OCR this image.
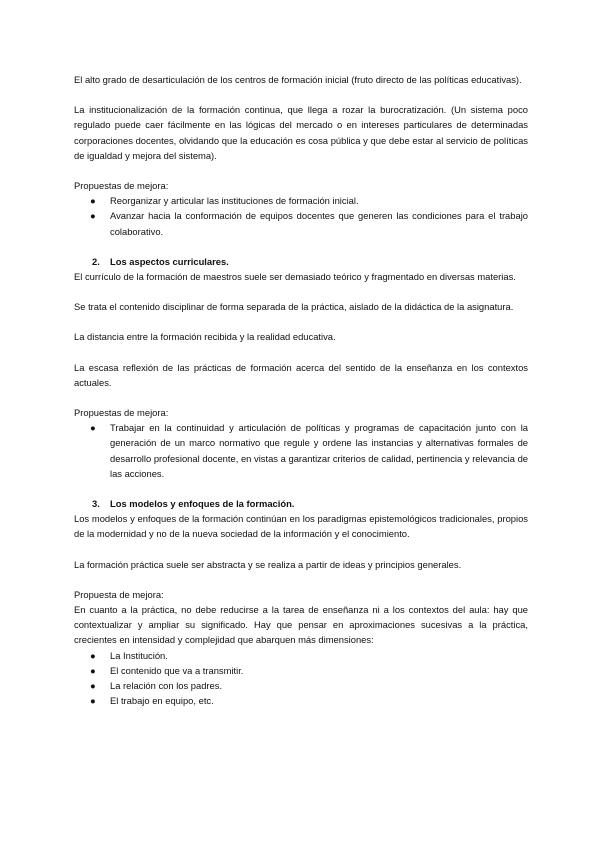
El alto grado de desarticulación de los centros de formación inicial (fruto directo de las políticas educativas).

La institucionalización de la formación continua, que llega a rozar la burocratización. (Un sistema poco regulado puede caer fácilmente en las lógicas del mercado o en intereses particulares de determinadas corporaciones docentes, olvidando que la educación es cosa pública y que debe estar al servicio de políticas de igualdad y mejora del sistema).

Propuestas de mejora:

● Reorganizar y articular las instituciones de formación inicial.
● Avanzar hacia la conformación de equipos docentes que generen las condiciones para el trabajo colaborativo.
2. Los aspectos curriculares.

El currículo de la formación de maestros suele ser demasiado teórico y fragmentado en diversas materias.

Se trata el contenido disciplinar de forma separada de la práctica, aislado de la didáctica de la asignatura.

La distancia entre la formación recibida y la realidad educativa.

La escasa reflexión de las prácticas de formación acerca del sentido de la enseñanza en los contextos actuales.

Propuestas de mejora:

● Trabajar en la continuidad y articulación de políticas y programas de capacitación junto con la generación de un marco normativo que regule y ordene las instancias y alternativas formales de desarrollo profesional docente, en vistas a garantizar criterios de calidad, pertinencia y relevancia de las acciones.
3. Los modelos y enfoques de la formación.

Los modelos y enfoques de la formación continúan en los paradigmas epistemológicos tradicionales, propios de la modernidad y no de la nueva sociedad de la información y el conocimiento.

La formación práctica suele ser abstracta y se realiza a partir de ideas y principios generales.

Propuesta de mejora:

En cuanto a la práctica, no debe reducirse a la tarea de enseñanza ni a los contextos del aula: hay que contextualizar y ampliar su significado. Hay que pensar en aproximaciones sucesivas a la práctica, crecientes en intensidad y complejidad que abarquen más dimensiones:

● La Institución.
● El contenido que va a transmitir.
● La relación con los padres.
● El trabajo en equipo, etc.
